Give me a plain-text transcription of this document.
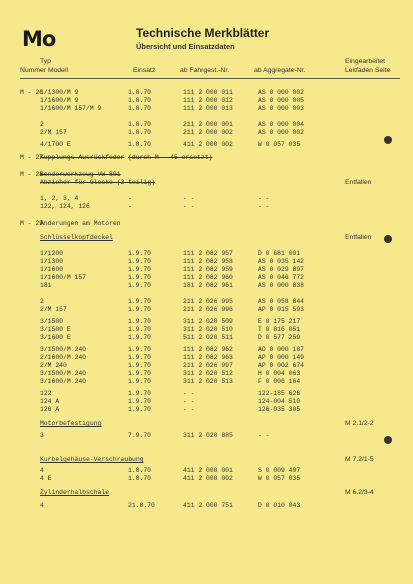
Mo	Technische Merkblätter
Übersicht und Einsatzdaten
Typ
Nummer Modell	Einsatz	ab Fahrgest.-Nr.	ab Aggregate-Nr.
Eingearbeitet
Leitfaden Seite
M - 26
1/1300/M 9	1.8.70	111 2 000 011	AS 0 000 002
1/1600/M 9	1.8.70	111 2 000 012	AS 0 000 005
1/1600/M 157/M 9	1.8.70	111 2 000 013	AS 0 000 003
2	1.8.70	211 2 000 001	AS 0 000 004
2/M 157	1.8.70	211 2 000 002	AS 0 000 002
4/1700 E	1.8.70	411 2 000 002	W 0 057 035
M - 27
Kupplungs-Ausrückfeder (durch M - 45 ersetzt)
M - 28
Sonderwerkzeug VW 801
Abzieher für Glocke (3-teilig)	Entfallen
1, 2, 3, 4	-	- -	- -
122, 124, 126	-	- -	- -
M - 29
Änderungen am Motoren
Schlüsselkopfdeckel	Entfallen
1/1200	1.9.70	111 2 082 957	D 0 681 001
1/1300	1.9.70	111 2 082 958	AS 0 035 142
1/1600	1.9.70	111 2 082 959	AS 0 029 897
1/1600/M 157	1.9.70	111 2 082 960	AS 0 046 772
181	1.9.70	181 2 082 961	AS 0 000 838
2	1.9.70	211 2 026 995	AS 0 058 844
2/M 157	1.9.70	211 2 026 996	AP 0 015 593
3/1500	1.9.70	311 2 020 509	E 0 175 217
3/1500 E	1.9.70	311 2 020 510	T 0 816 051
3/1600 E	1.9.70	511 2 020 511	D 0 577 259
3/1500/M 240	1.9.70	111 2 082 962	AD 0 000 187
2/1600/M 240	1.9.70	111 2 082 963	AP 0 000 149
2/M 240	1.9.70	211 2 026 997	AP 0 002 674
3/1500/M 240	1.9.70	311 2 020 512	H 0 004 063
3/1600/M 240	1.9.70	311 2 020 513	F 0 006 164
122	1.9.70	- -	122-185 626
124 A	1.9.70	- -	124-004 510
126 A	1.9.70	- -	126-035 305
Motorbefestigung	M 2.1/2-2
3	7.9.70	311 2 020 885	- -
Kurbelgehäuse-Verschraubung	M 7.2/1-5
4	1.8.70	411 2 000 001	S 0 009 407
4 E	1.8.70	411 2 000 002	W 0 057 035
Zylinderhalbschale	M 6.2/3-4
4	21.8.70	411 2 000 751	D 0 010 043
